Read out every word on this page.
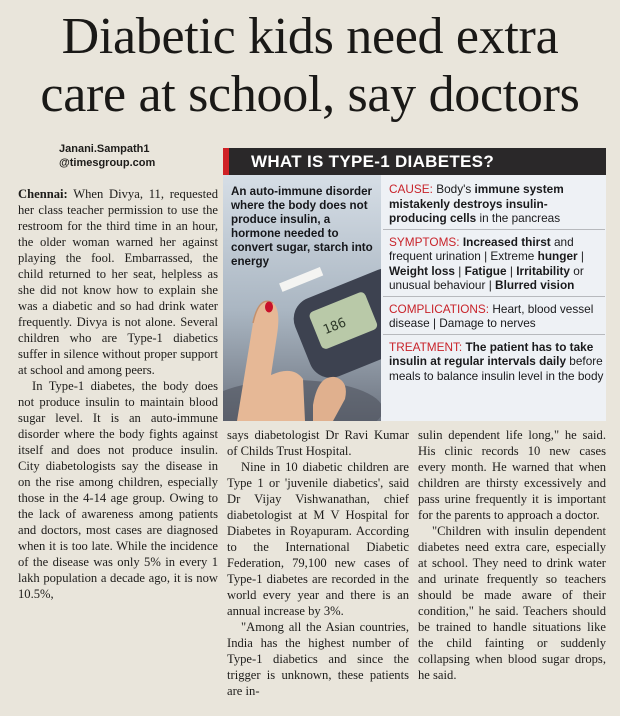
Diabetic kids need extra
care at school, say doctors
Janani.Sampath1
@timesgroup.com

Chennai: When Divya, 11, requested her class teacher permission to use the restroom for the third time in an hour, the older woman warned her against playing the fool. Embarrassed, the child returned to her seat, helpless as she did not know how to explain she was a diabetic and so had drink water frequently. Divya is not alone. Several children who are Type-1 diabetics suffer in silence without proper support at school and among peers.

In Type-1 diabetes, the body does not produce insulin to maintain blood sugar level. It is an auto-immune disorder where the body fights against itself and does not produce insulin. City diabetologists say the disease in on the rise among children, especially those in the 4-14 age group. Owing to the lack of awareness among patients and doctors, most cases are diagnosed when it is too late. While the incidence of the disease was only 5% in every 1 lakh population a decade ago, it is now 10.5%,

says diabetologist Dr Ravi Kumar of Childs Trust Hospital.

Nine in 10 diabetic children are Type 1 or 'juvenile diabetics', said Dr Vijay Vishwanathan, chief diabetologist at M V Hospital for Diabetes in Royapuram. According to the International Diabetic Federation, 79,100 new cases of Type-1 diabetes are recorded in the world every year and there is an annual increase by 3%.

"Among all the Asian countries, India has the highest number of Type-1 diabetics and since the trigger is unknown, these patients are in-

sulin dependent life long," he said. His clinic records 10 new cases every month. He warned that when children are thirsty excessively and pass urine frequently it is important for the parents to approach a doctor.

"Children with insulin dependent diabetes need extra care, especially at school. They need to drink water and urinate frequently so teachers should be made aware of their condition," he said. Teachers should be trained to handle situations like the child fainting or suddenly collapsing when blood sugar drops, he said.

WHAT IS TYPE-1 DIABETES?
186
An auto-immune disorder where the body does not produce insulin, a hormone needed to convert sugar, starch into energy
CAUSE: Body's immune system mistakenly destroys insulin-producing cells in the pancreas
SYMPTOMS: Increased thirst and frequent urination | Extreme hunger | Weight loss | Fatigue | Irritability or unusual behaviour | Blurred vision
COMPLICATIONS: Heart, blood vessel disease | Damage to nerves
TREATMENT: The patient has to take insulin at regular intervals daily before meals to balance insulin level in the body
